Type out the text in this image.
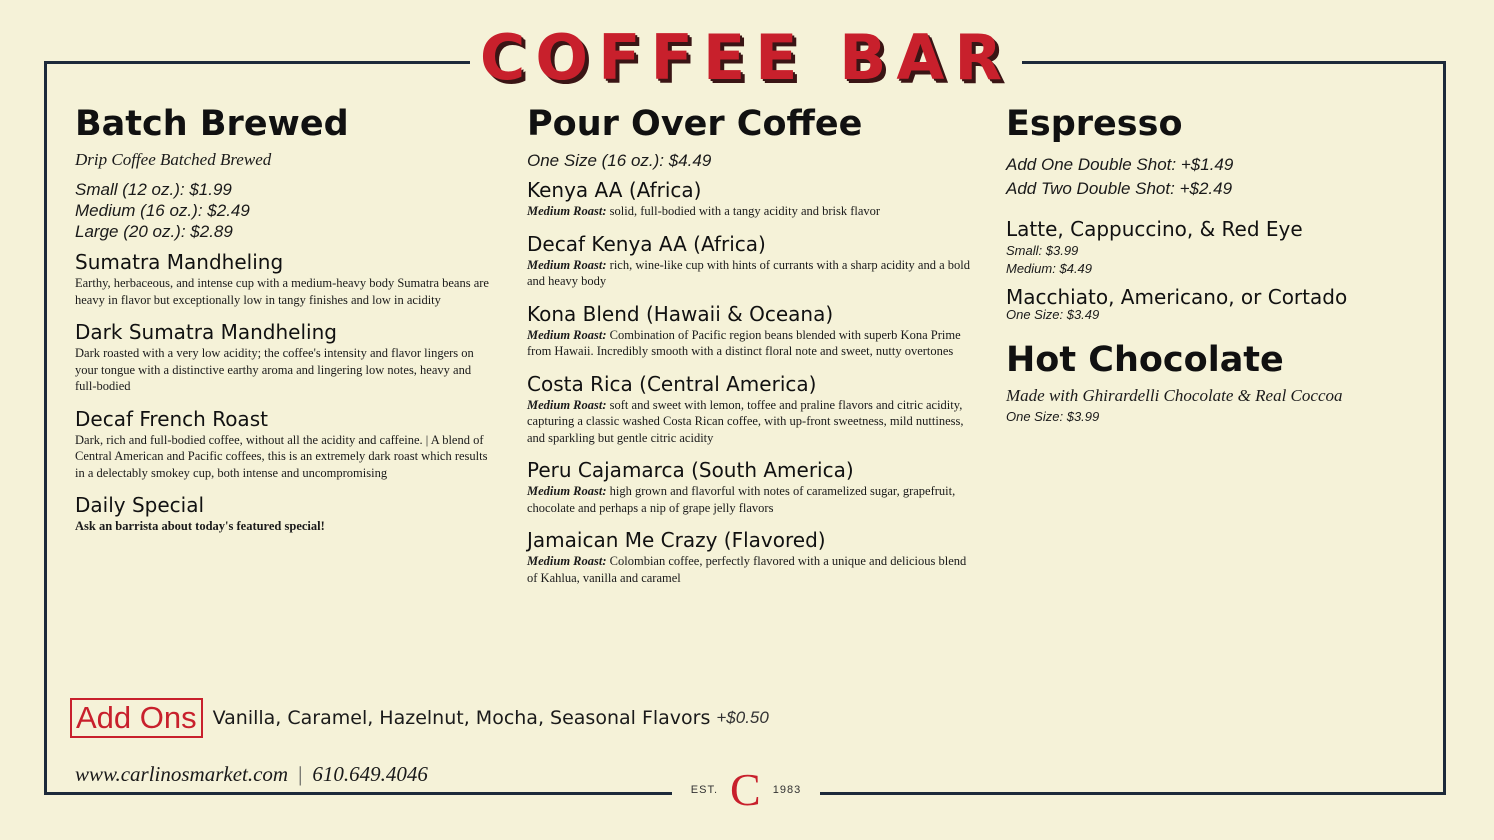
COFFEE BAR
Batch Brewed
Drip Coffee Batched Brewed
Small (12 oz.): $1.99
Medium (16 oz.): $2.49
Large (20 oz.): $2.89
Sumatra Mandheling
Earthy, herbaceous, and intense cup with a medium-heavy body Sumatra beans are heavy in flavor but exceptionally low in tangy finishes and low in acidity
Dark Sumatra Mandheling
Dark roasted with a very low acidity; the coffee's intensity and flavor lingers on your tongue with a distinctive earthy aroma and lingering low notes, heavy and full-bodied
Decaf French Roast
Dark, rich and full-bodied coffee, without all the acidity and caffeine. | A blend of Central American and Pacific coffees, this is an extremely dark roast which results in a delectably smokey cup, both intense and uncompromising
Daily Special
Ask an barrista about today's featured special!
Pour Over Coffee
One Size (16 oz.): $4.49
Kenya AA (Africa)
Medium Roast: solid, full-bodied with a tangy acidity and brisk flavor
Decaf Kenya AA (Africa)
Medium Roast: rich, wine-like cup with hints of currants with a sharp acidity and a bold and heavy body
Kona Blend (Hawaii & Oceana)
Medium Roast: Combination of Pacific region beans blended with superb Kona Prime from Hawaii. Incredibly smooth with a distinct floral note and sweet, nutty overtones
Costa Rica (Central America)
Medium Roast: soft and sweet with lemon, toffee and praline flavors and citric acidity, capturing a classic washed Costa Rican coffee, with up-front sweetness, mild nuttiness, and sparkling but gentle citric acidity
Peru Cajamarca (South America)
Medium Roast: high grown and flavorful with notes of caramelized sugar, grapefruit, chocolate and perhaps a nip of grape jelly flavors
Jamaican Me Crazy (Flavored)
Medium Roast: Colombian coffee, perfectly flavored with a unique and delicious blend of Kahlua, vanilla and caramel
Espresso
Add One Double Shot: +$1.49
Add Two Double Shot: +$2.49
Latte, Cappuccino, & Red Eye
Small: $3.99
Medium: $4.49
Macchiato, Americano, or Cortado
One Size: $3.49
Hot Chocolate
Made with Ghirardelli Chocolate & Real Coccoa
One Size: $3.99
Add Ons Vanilla, Caramel, Hazelnut, Mocha, Seasonal Flavors +$0.50
www.carlinosmarket.com | 610.649.4046
EST. C 1983
